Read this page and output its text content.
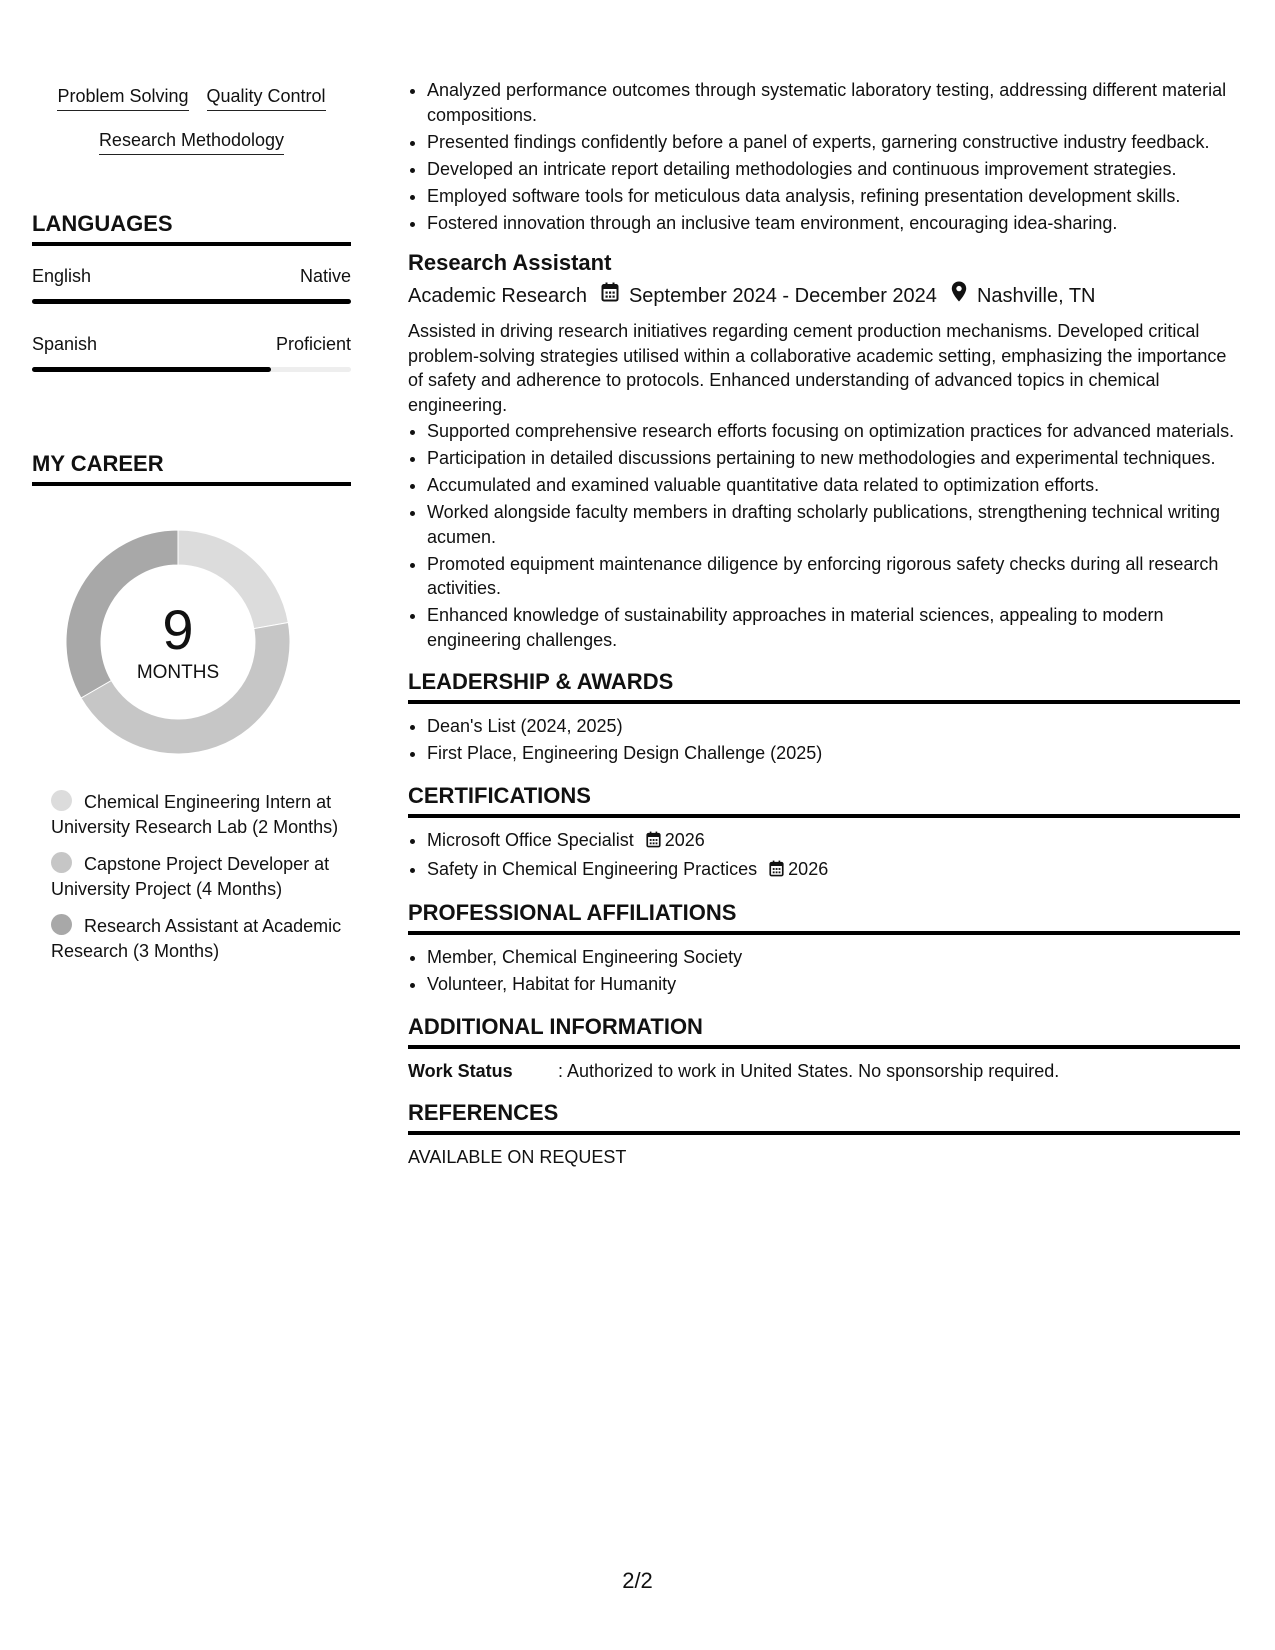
Problem Solving Quality Control
Research Methodology
LANGUAGES
English	Native
Spanish	Proficient
MY CAREER
9
MONTHS
Chemical Engineering Intern at University Research Lab (2 Months)
Capstone Project Developer at University Project (4 Months)
Research Assistant at Academic Research (3 Months)
• Analyzed performance outcomes through systematic laboratory testing, addressing different material compositions.
• Presented findings confidently before a panel of experts, garnering constructive industry feedback.
• Developed an intricate report detailing methodologies and continuous improvement strategies.
• Employed software tools for meticulous data analysis, refining presentation development skills.
• Fostered innovation through an inclusive team environment, encouraging idea-sharing.
Research Assistant
Academic Research September 2024 - December 2024 Nashville, TN
Assisted in driving research initiatives regarding cement production mechanisms. Developed critical problem-solving strategies utilised within a collaborative academic setting, emphasizing the importance of safety and adherence to protocols. Enhanced understanding of advanced topics in chemical engineering.
• Supported comprehensive research efforts focusing on optimization practices for advanced materials.
• Participation in detailed discussions pertaining to new methodologies and experimental techniques.
• Accumulated and examined valuable quantitative data related to optimization efforts.
• Worked alongside faculty members in drafting scholarly publications, strengthening technical writing acumen.
• Promoted equipment maintenance diligence by enforcing rigorous safety checks during all research activities.
• Enhanced knowledge of sustainability approaches in material sciences, appealing to modern engineering challenges.
LEADERSHIP & AWARDS
• Dean's List (2024, 2025)
• First Place, Engineering Design Challenge (2025)
CERTIFICATIONS
• Microsoft Office Specialist 2026
• Safety in Chemical Engineering Practices 2026
PROFESSIONAL AFFILIATIONS
• Member, Chemical Engineering Society
• Volunteer, Habitat for Humanity
ADDITIONAL INFORMATION
Work Status	: Authorized to work in United States. No sponsorship required.
REFERENCES
AVAILABLE ON REQUEST
2/2
